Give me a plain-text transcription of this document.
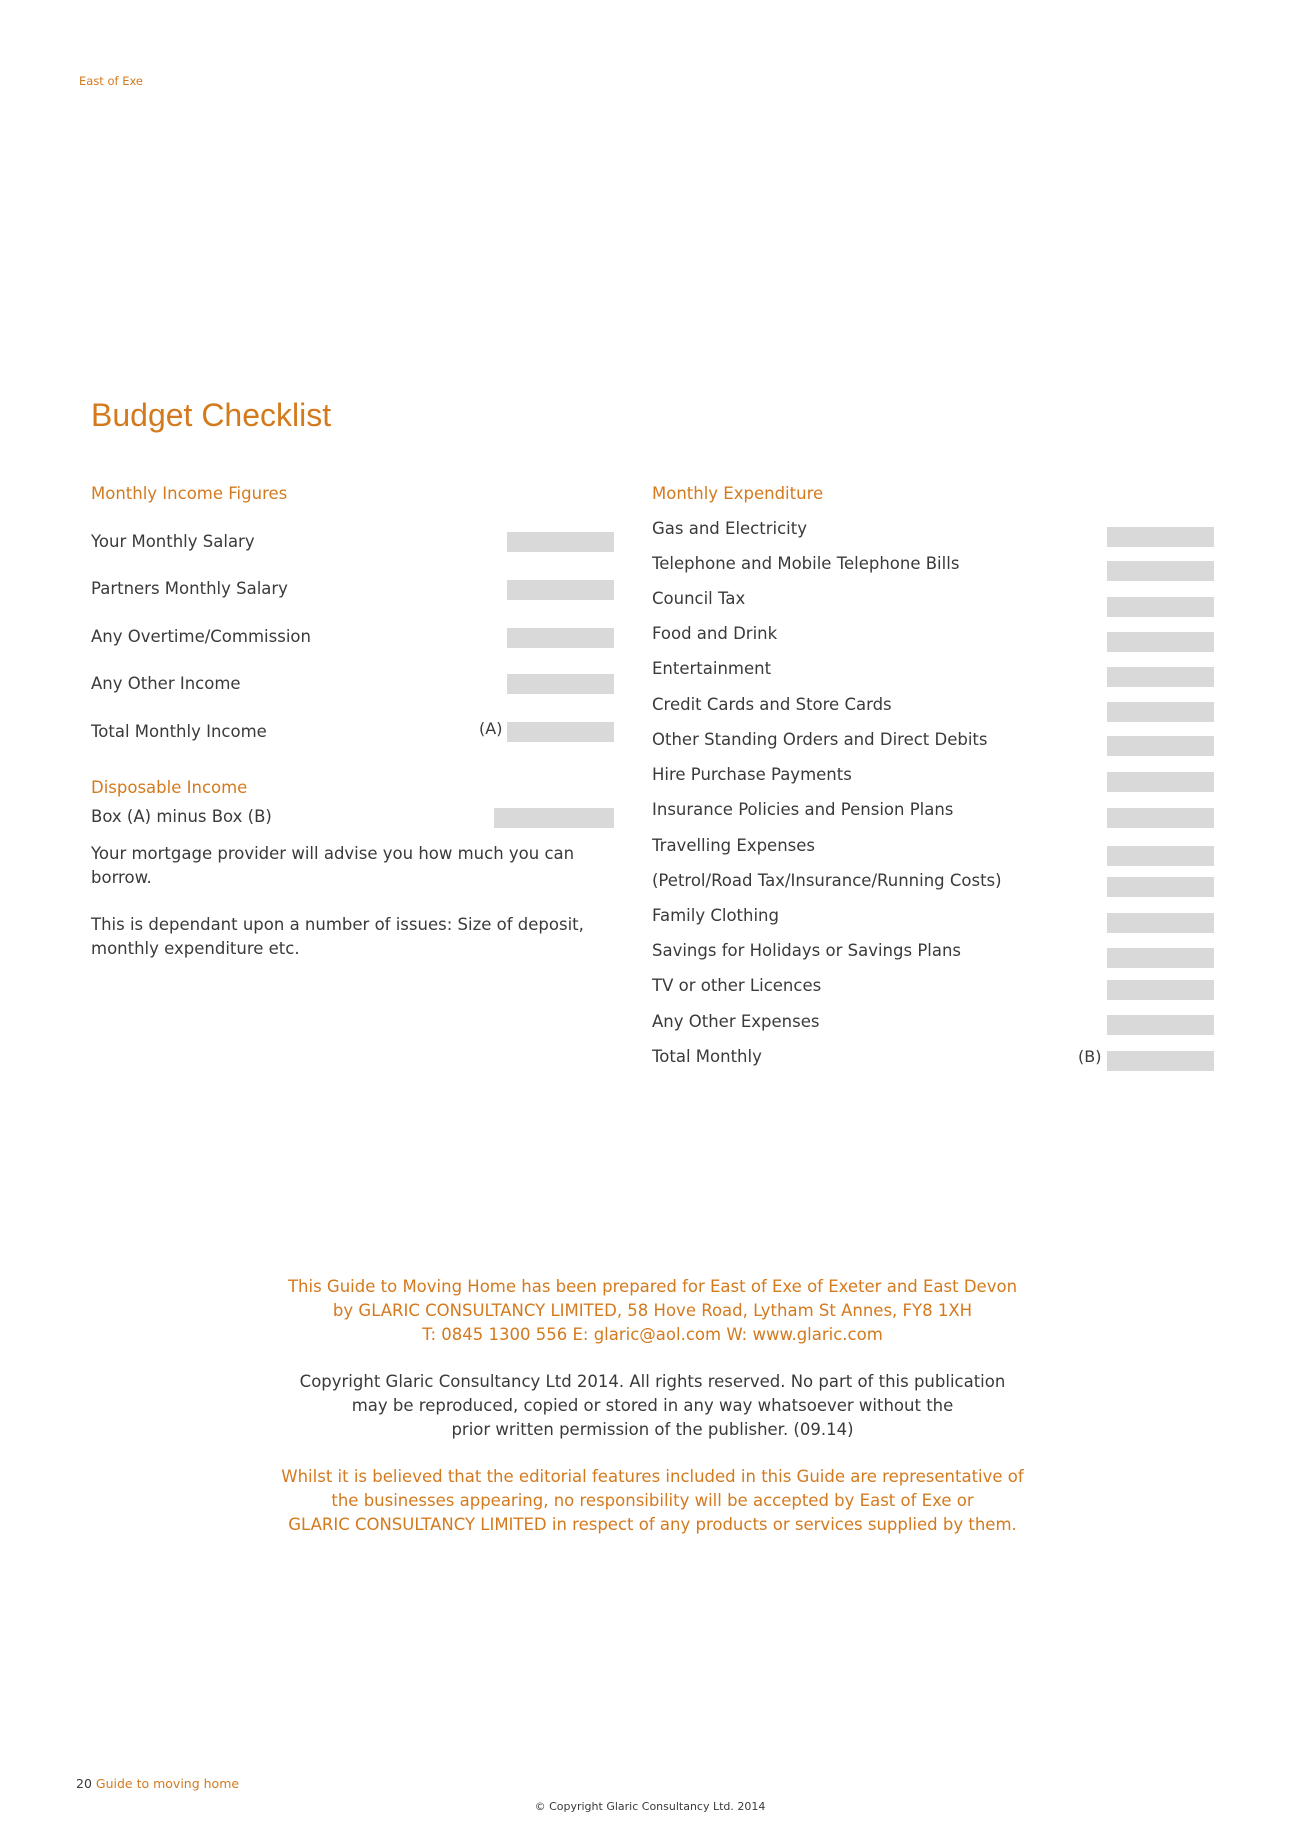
East of Exe
Budget Checklist
Monthly Income Figures
Your Monthly Salary
Partners Monthly Salary
Any Overtime/Commission
Any Other Income
Total Monthly Income	(A)
Disposable Income
Box (A) minus Box (B)
Your mortgage provider will advise you how much you can
borrow.
This is dependant upon a number of issues: Size of deposit,
monthly expenditure etc.
Monthly Expenditure
Gas and Electricity
Telephone and Mobile Telephone Bills
Council Tax
Food and Drink
Entertainment
Credit Cards and Store Cards
Other Standing Orders and Direct Debits
Hire Purchase Payments
Insurance Policies and Pension Plans
Travelling Expenses
(Petrol/Road Tax/Insurance/Running Costs)
Family Clothing
Savings for Holidays or Savings Plans
TV or other Licences
Any Other Expenses
Total Monthly	(B)
This Guide to Moving Home has been prepared for East of Exe of Exeter and East Devon
by GLARIC CONSULTANCY LIMITED, 58 Hove Road, Lytham St Annes, FY8 1XH
T: 0845 1300 556 E: glaric@aol.com W: www.glaric.com
Copyright Glaric Consultancy Ltd 2014. All rights reserved. No part of this publication
may be reproduced, copied or stored in any way whatsoever without the
prior written permission of the publisher. (09.14)
Whilst it is believed that the editorial features included in this Guide are representative of
the businesses appearing, no responsibility will be accepted by East of Exe or
GLARIC CONSULTANCY LIMITED in respect of any products or services supplied by them.
20 Guide to moving home
© Copyright Glaric Consultancy Ltd. 2014
